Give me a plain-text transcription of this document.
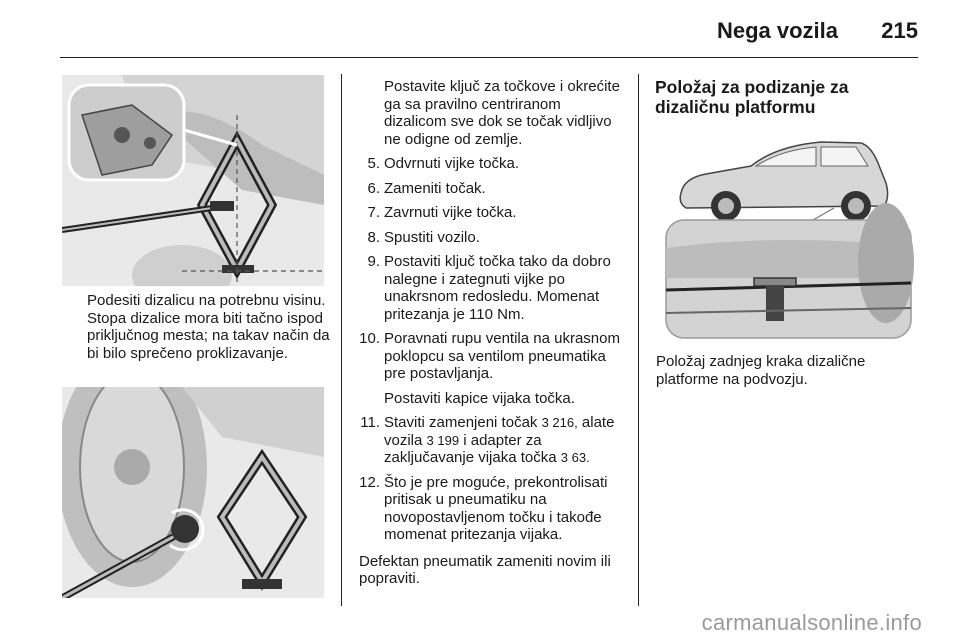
Nega vozila 215
Podesiti dizalicu na potrebnu visinu. Stopa dizalice mora biti tačno ispod priključnog mesta; na takav način da bi bilo sprečeno proklizavanje.
Postavite ključ za točkove i okrećite ga sa pravilno centriranom dizalicom sve dok se točak vidljivo ne odigne od zemlje.
5. Odvrnuti vijke točka.
6. Zameniti točak.
7. Zavrnuti vijke točka.
8. Spustiti vozilo.
9. Postaviti ključ točka tako da dobro nalegne i zategnuti vijke po unakrsnom redosledu. Momenat pritezanja je 110 Nm.
10. Poravnati rupu ventila na ukrasnom poklopcu sa ventilom pneumatika pre postavljanja.
Postaviti kapice vijaka točka.
11. Staviti zamenjeni točak 3 216, alate vozila 3 199 i adapter za zaključavanje vijaka točka 3 63.
12. Što je pre moguće, prekontrolisati pritisak u pneumatiku na novopostavljenom točku i takođe momenat pritezanja vijaka.
Defektan pneumatik zameniti novim ili popraviti.
Položaj za podizanje za dizaličnu platformu
Položaj zadnjeg kraka dizalične platforme na podvozju.
carmanualsonline.info
